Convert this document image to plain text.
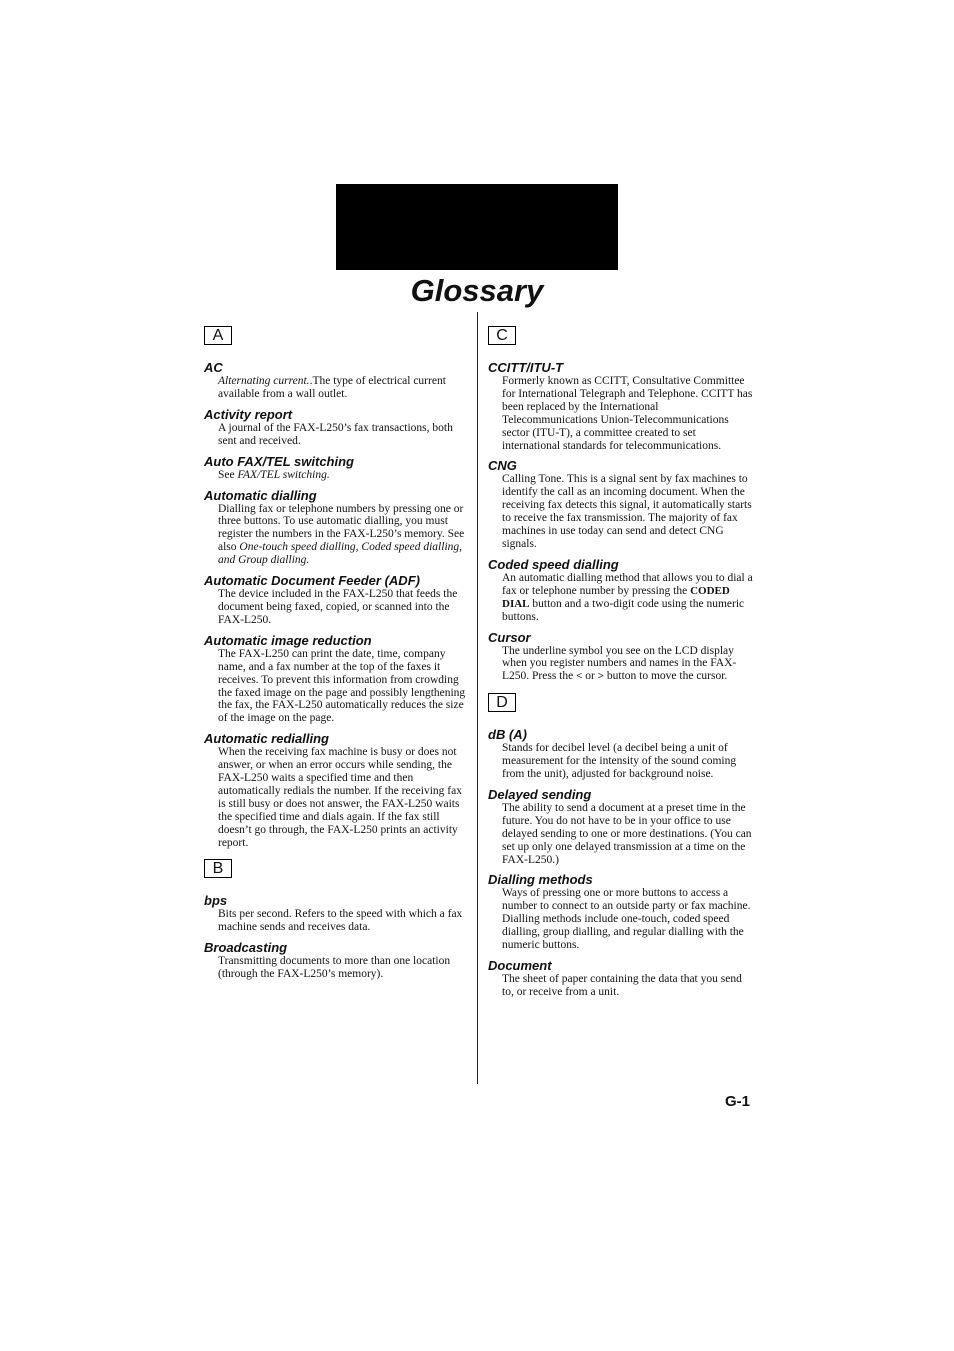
Glossary
A

AC

Alternating current..The type of electrical current available from a wall outlet.

Activity report

A journal of the FAX-L250’s fax transactions, both sent and received.

Auto FAX/TEL switching

See FAX/TEL switching.

Automatic dialling

Dialling fax or telephone numbers by pressing one or three buttons. To use automatic dialling, you must register the numbers in the FAX-L250’s memory. See also One-touch speed dialling, Coded speed dialling, and Group dialling.

Automatic Document Feeder (ADF)

The device included in the FAX-L250 that feeds the document being faxed, copied, or scanned into the FAX-L250.

Automatic image reduction

The FAX-L250 can print the date, time, company name, and a fax number at the top of the faxes it receives. To prevent this information from crowding the faxed image on the page and possibly lengthening the fax, the FAX-L250 automatically reduces the size of the image on the page.

Automatic redialling

When the receiving fax machine is busy or does not answer, or when an error occurs while sending, the FAX-L250 waits a specified time and then automatically redials the number. If the receiving fax is still busy or does not answer, the FAX-L250 waits the specified time and dials again. If the fax still doesn’t go through, the FAX-L250 prints an activity report.

B

bps

Bits per second. Refers to the speed with which a fax machine sends and receives data.

Broadcasting

Transmitting documents to more than one location (through the FAX-L250’s memory).

C

CCITT/ITU-T

Formerly known as CCITT, Consultative Committee for International Telegraph and Telephone. CCITT has been replaced by the International Telecommunications Union-Telecommunications sector (ITU-T), a committee created to set international standards for telecommunications.

CNG

Calling Tone. This is a signal sent by fax machines to identify the call as an incoming document. When the receiving fax detects this signal, it automatically starts to receive the fax transmission. The majority of fax machines in use today can send and detect CNG signals.

Coded speed dialling

An automatic dialling method that allows you to dial a fax or telephone number by pressing the CODED DIAL button and a two-digit code using the numeric buttons.

Cursor

The underline symbol you see on the LCD display when you register numbers and names in the FAX-L250. Press the < or > button to move the cursor.

D

dB (A)

Stands for decibel level (a decibel being a unit of measurement for the intensity of the sound coming from the unit), adjusted for background noise.

Delayed sending

The ability to send a document at a preset time in the future. You do not have to be in your office to use delayed sending to one or more destinations. (You can set up only one delayed transmission at a time on the FAX-L250.)

Dialling methods

Ways of pressing one or more buttons to access a number to connect to an outside party or fax machine. Dialling methods include one-touch, coded speed dialling, group dialling, and regular dialling with the numeric buttons.

Document

The sheet of paper containing the data that you send to, or receive from a unit.

G-1
